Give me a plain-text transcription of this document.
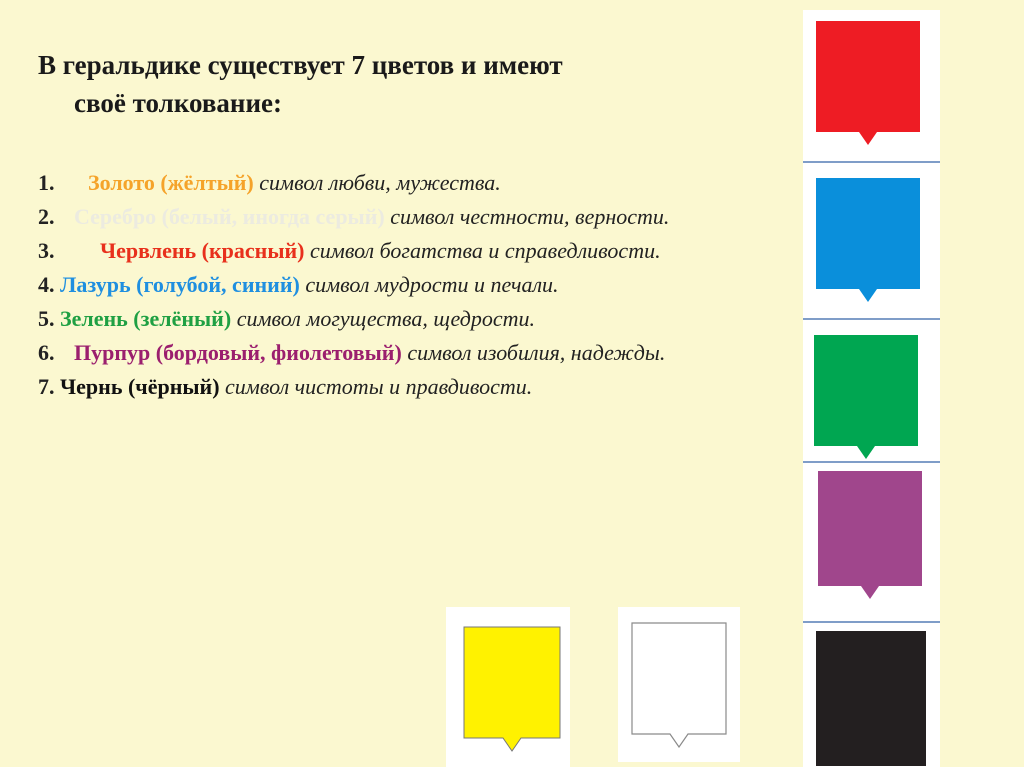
В геральдике существует 7 цветов и имеют

своё толкование:
1. Золото (жёлтый) символ любви, мужества.
2. Серебро (белый, иногда серый) символ честности, верности.
3. Червлень (красный) символ богатства и справедливости.
4. Лазурь (голубой, синий) символ мудрости и печали.
5. Зелень (зелёный) символ могущества, щедрости.
6. Пурпур (бордовый, фиолетовый) символ изобилия, надежды.
7. Чернь (чёрный) символ чистоты и правдивости.
